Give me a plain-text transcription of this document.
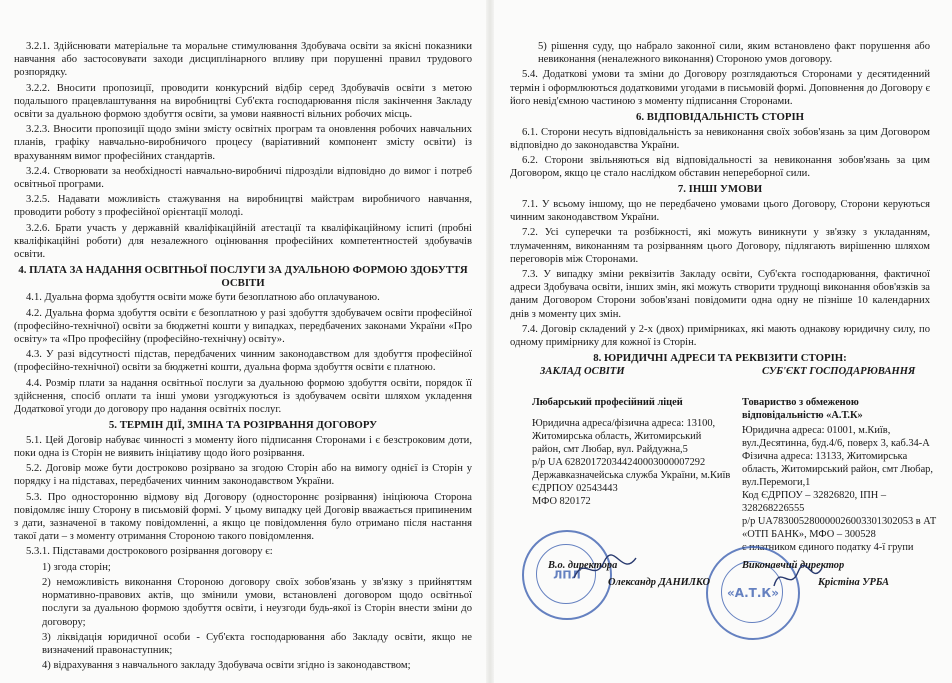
3.2.1. Здійснювати матеріальне та моральне стимулювання Здобувача освіти за якісні показники навчання або застосовувати заходи дисциплінарного впливу при порушенні правил трудового розпорядку.
3.2.2. Вносити пропозиції, проводити конкурсний відбір серед Здобувачів освіти з метою подальшого працевлаштування на виробництві Суб'єкта господарювання після закінчення Закладу освіти за дуальною формою здобуття освіти, за умови наявності вільних робочих місць.
3.2.3. Вносити пропозиції щодо зміни змісту освітніх програм та оновлення робочих навчальних планів, графіку навчально-виробничого процесу (варіативний компонент змісту освіти) із врахуванням вимог професійних стандартів.
3.2.4. Створювати за необхідності навчально-виробничі підрозділи відповідно до вимог і потреб освітньої програми.
3.2.5. Надавати можливість стажування на виробництві майстрам виробничого навчання, проводити роботу з професійної орієнтації молоді.
3.2.6. Брати участь у державній кваліфікаційній атестації та кваліфікаційному іспиті (пробні кваліфікаційні роботи) для незалежного оцінювання професійних компетентностей здобувачів освіти.
4. ПЛАТА ЗА НАДАННЯ ОСВІТНЬОЇ ПОСЛУГИ ЗА ДУАЛЬНОЮ ФОРМОЮ ЗДОБУТТЯ ОСВІТИ
4.1. Дуальна форма здобуття освіти може бути безоплатною або оплачуваною.
4.2. Дуальна форма здобуття освіти є безоплатною у разі здобуття здобувачем освіти професійної (професійно-технічної) освіти за бюджетні кошти у випадках, передбачених законами України «Про освіту» та «Про професійну (професійно-технічну) освіту».
4.3. У разі відсутності підстав, передбачених чинним законодавством для здобуття професійної (професійно-технічної) освіти за бюджетні кошти, дуальна форма здобуття освіти є платною.
4.4. Розмір плати за надання освітньої послуги за дуальною формою здобуття освіти, порядок її здійснення, спосіб оплати та інші умови узгоджуються із здобувачем освіти шляхом укладення Додаткової угоди до договору про надання освітніх послуг.
5. ТЕРМІН ДІЇ, ЗМІНА ТА РОЗІРВАННЯ ДОГОВОРУ
5.1. Цей Договір набуває чинності з моменту його підписання Сторонами і є безстроковим доти, поки одна із Сторін не виявить ініціативу щодо його розірвання.
5.2. Договір може бути достроково розірвано за згодою Сторін або на вимогу однієї із Сторін у порядку і на підставах, передбачених чинним законодавством України.
5.3. Про односторонню відмову від Договору (одностороннє розірвання) ініціююча Сторона повідомляє іншу Сторону в письмовій формі. У цьому випадку цей Договір вважається припиненим з дати, зазначеної в такому повідомленні, а якщо це повідомлення було отримано після настання такої дати – з моменту отримання Стороною такого повідомлення.
5.3.1. Підставами дострокового розірвання договору є:
1) згода сторін;
2) неможливість виконання Стороною договору своїх зобов'язань у зв'язку з прийняттям нормативно-правових актів, що змінили умови, встановлені договором щодо освітньої послуги за дуальною формою здобуття освіти, і неузгоди будь-якої із Сторін внести зміни до договору;
3) ліквідація юридичної особи - Суб'єкта господарювання або Закладу освіти, якщо не визначений правонаступник;
4) відрахування з навчального закладу Здобувача освіти згідно із законодавством;
5) рішення суду, що набрало законної сили, яким встановлено факт порушення або невиконання (неналежного виконання) Стороною умов договору.
5.4. Додаткові умови та зміни до Договору розглядаються Сторонами у десятиденний термін і оформлюються додатковими угодами в письмовій формі. Доповнення до Договору є його невід'ємною частиною з моменту підписання Сторонами.
6. ВІДПОВІДАЛЬНІСТЬ СТОРІН
6.1. Сторони несуть відповідальність за невиконання своїх зобов'язань за цим Договором відповідно до законодавства України.
6.2. Сторони звільняються від відповідальності за невиконання зобов'язань за цим Договором, якщо це стало наслідком обставин непереборної сили.
7. ІНШІ УМОВИ
7.1. У всьому іншому, що не передбачено умовами цього Договору, Сторони керуються чинним законодавством України.
7.2. Усі суперечки та розбіжності, які можуть виникнути у зв'язку з укладанням, тлумаченням, виконанням та розірванням цього Договору, підлягають вирішенню шляхом переговорів між Сторонами.
7.3. У випадку зміни реквізитів Закладу освіти, Суб'єкта господарювання, фактичної адреси Здобувача освіти, інших змін, які можуть створити труднощі виконання обов'язків за даним Договором Сторони зобов'язані повідомити одна одну не пізніше 10 календарних днів з моменту цих змін.
7.4. Договір складений у 2-х (двох) примірниках, які мають однакову юридичну силу, по одному примірнику для кожної із Сторін.
8. ЮРИДИЧНІ АДРЕСИ ТА РЕКВІЗИТИ СТОРІН:
ЗАКЛАД ОСВІТИ	СУБ'ЄКТ ГОСПОДАРЮВАННЯ
Любарський професійний ліцей
Юридична адреса/фізична адреса: 13100, Житомирська область, Житомирський район, смт Любар, вул. Райдужна,5
р/р UA 628201720344240003000007292
Державказначейська служба України, м.Київ
ЄДРПОУ 02543443
МФО 820172
Товариство з обмеженою відповідальністю «А.Т.К»
Юридична адреса: 01001, м.Київ, вул.Десятинна, буд.4/6, поверх 3, каб.34-А
Фізична адреса: 13133, Житомирська область, Житомирський район, смт Любар, вул.Перемоги,1
Код ЄДРПОУ – 32826820, ІПН – 328268226555
р/р UA783005280000026003301302053 в АТ «ОТП БАНК», МФО – 300528
є платником єдиного податку 4-ї групи
ЛПЛ
«А.Т.К»
В.о. директора
Олександр ДАНИЛКО
Виконавчий директор
Крістіна УРБА
